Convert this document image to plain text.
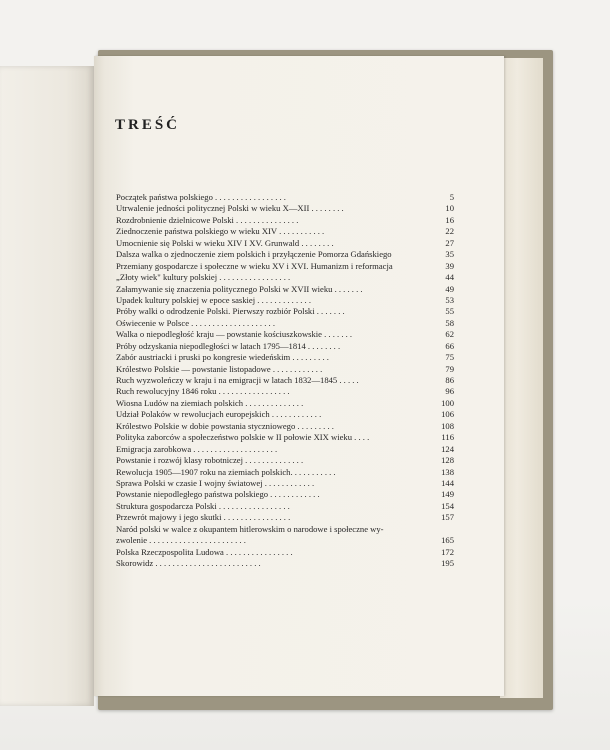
TREŚĆ
Początek państwa polskiego . . . . . . . . . . . . . . . . .	5
Utrwalenie jedności politycznej Polski w wieku X—XII . . . . . . . .	10
Rozdrobnienie dzielnicowe Polski . . . . . . . . . . . . . . .	16
Ziednoczenie państwa polskiego w wieku XIV . . . . . . . . . . .	22
Umocnienie się Polski w wieku XIV I XV. Grunwald . . . . . . . .	27
Dalsza walka o zjednoczenie ziem polskich i przyłączenie Pomorza Gdańskiego	35
Przemiany gospodarcze i społeczne w wieku XV i XVI. Humanizm i reformacja	39
„Złoty wiek" kultury polskiej . . . . . . . . . . . . . . . . .	44
Załamywanie się znaczenia politycznego Polski w XVII wieku . . . . . . .	49
Upadek kultury polskiej w epoce saskiej . . . . . . . . . . . . .	53
Próby walki o odrodzenie Polski. Pierwszy rozbiór Polski . . . . . . .	55
Oświecenie w Polsce . . . . . . . . . . . . . . . . . . . .	58
Walka o niepodległość kraju — powstanie kościuszkowskie . . . . . . .	62
Próby odzyskania niepodległości w latach 1795—1814 . . . . . . . .	66
Zabór austriacki i pruski po kongresie wiedeńskim . . . . . . . . .	75
Królestwo Polskie — powstanie listopadowe . . . . . . . . . . . .	79
Ruch wyzwoleńczy w kraju i na emigracji w latach 1832—1845 . . . . .	86
Ruch rewolucyjny 1846 roku . . . . . . . . . . . . . . . . .	96
Wiosna Ludów na ziemiach polskich . . . . . . . . . . . . . .	100
Udział Polaków w rewolucjach europejskich . . . . . . . . . . . .	106
Królestwo Polskie w dobie powstania styczniowego . . . . . . . . .	108
Polityka zaborców a społeczeństwo polskie w II połowie XIX wieku . . . .	116
Emigracja zarobkowa . . . . . . . . . . . . . . . . . . . .	124
Powstanie i rozwój klasy robotniczej . . . . . . . . . . . . . .	128
Rewolucja 1905—1907 roku na ziemiach polskich. . . . . . . . . . .	138
Sprawa Polski w czasie I wojny światowej . . . . . . . . . . . .	144
Powstanie niepodległego państwa polskiego . . . . . . . . . . . .	149
Struktura gospodarcza Polski . . . . . . . . . . . . . . . . .	154
Przewrót majowy i jego skutki . . . . . . . . . . . . . . . .	157
Naród polski w walce z okupantem hitlerowskim o narodowe i społeczne wy-
zwolenie . . . . . . . . . . . . . . . . . . . . . . .	165
Polska Rzeczpospolita Ludowa . . . . . . . . . . . . . . . .	172
Skorowidz . . . . . . . . . . . . . . . . . . . . . . . . .	195
